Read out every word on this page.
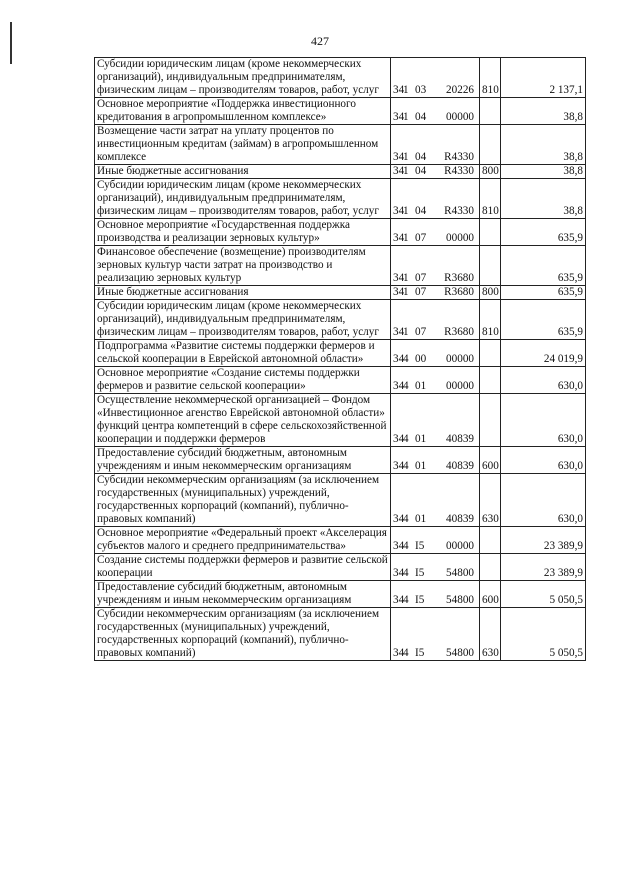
427
Субсидии юридическим лицам (кроме некоммерческих организаций), индивидуальным предпринимателям, физическим лицам – производителям товаров, работ, услуг	341 03 20226	810	2 137,1
Основное мероприятие «Поддержка инвестиционного кредитования в агропромышленном комплексе»	341 04 00000		38,8
Возмещение части затрат на уплату процентов по инвестиционным кредитам (займам) в агропромышленном комплексе	341 04 R4330		38,8
Иные бюджетные ассигнования	341 04 R4330	800	38,8
Субсидии юридическим лицам (кроме некоммерческих организаций), индивидуальным предпринимателям, физическим лицам – производителям товаров, работ, услуг	341 04 R4330	810	38,8
Основное мероприятие «Государственная поддержка производства и реализации зерновых культур»	341 07 00000		635,9
Финансовое обеспечение (возмещение) производителям зерновых культур части затрат на производство и реализацию зерновых культур	341 07 R3680		635,9
Иные бюджетные ассигнования	341 07 R3680	800	635,9
Субсидии юридическим лицам (кроме некоммерческих организаций), индивидуальным предпринимателям, физическим лицам – производителям товаров, работ, услуг	341 07 R3680	810	635,9
Подпрограмма «Развитие системы поддержки фермеров и сельской кооперации в Еврейской автономной области»	344 00 00000		24 019,9
Основное мероприятие «Создание системы поддержки фермеров и развитие сельской кооперации»	344 01 00000		630,0
Осуществление некоммерческой организацией – Фондом «Инвестиционное агенство Еврейской автономной области» функций центра компетенций в сфере сельскохозяйственной кооперации и поддержки фермеров	344 01 40839		630,0
Предоставление субсидий бюджетным, автономным учреждениям и иным некоммерческим организациям	344 01 40839	600	630,0
Субсидии некоммерческим организациям (за исключением государственных (муниципальных) учреждений, государственных корпораций (компаний), публично-правовых компаний)	344 01 40839	630	630,0
Основное мероприятие «Федеральный проект «Акселерация субъектов малого и среднего предпринимательства»	344 I5 00000		23 389,9
Создание системы поддержки фермеров и развитие сельской кооперации	344 I5 54800		23 389,9
Предоставление субсидий бюджетным, автономным учреждениям и иным некоммерческим организациям	344 I5 54800	600	5 050,5
Субсидии некоммерческим организациям (за исключением государственных (муниципальных) учреждений, государственных корпораций (компаний), публично-правовых компаний)	344 I5 54800	630	5 050,5
